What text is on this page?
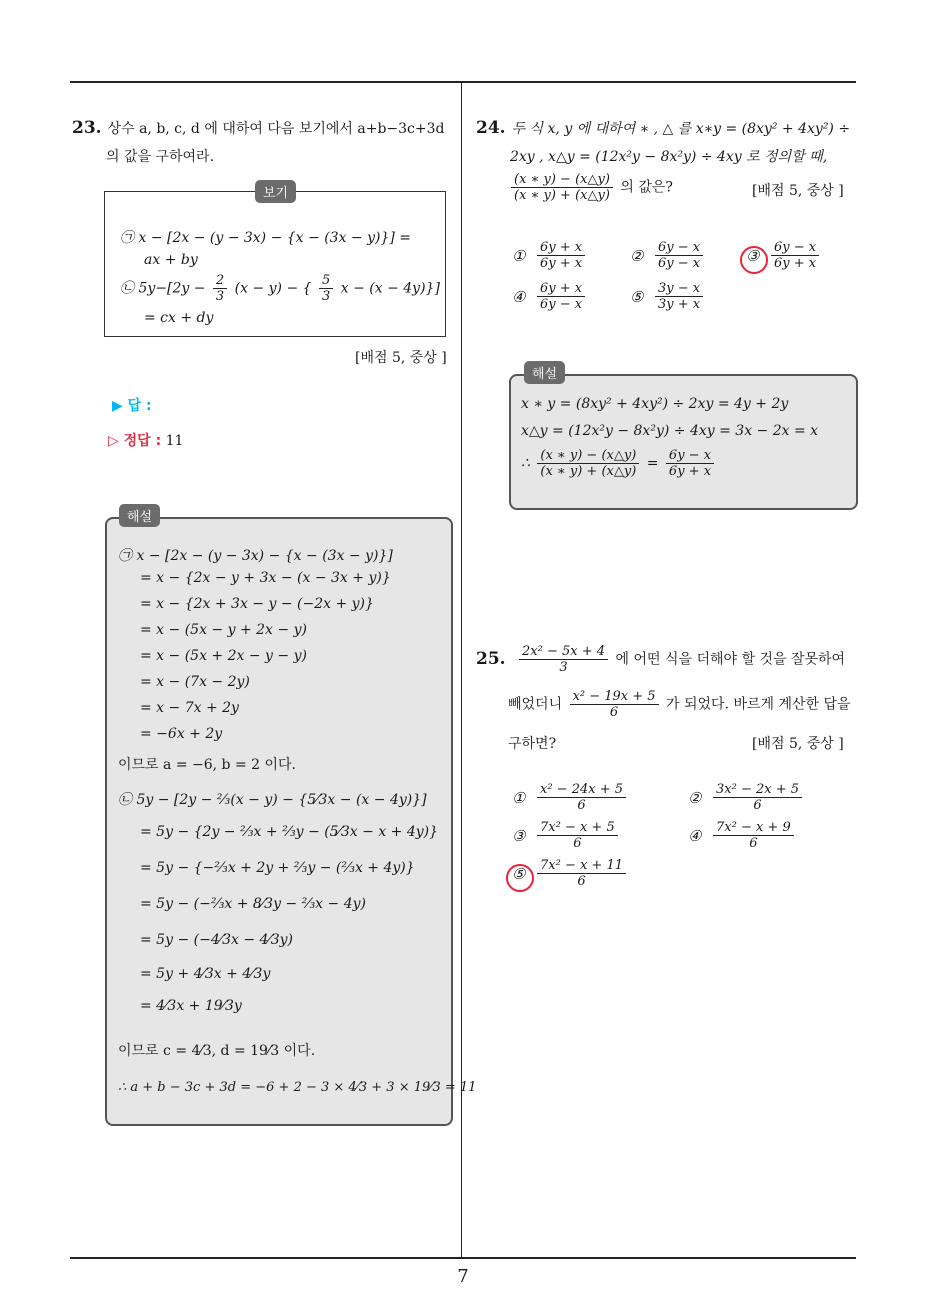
7
23. 상수 a, b, c, d 에 대하여 다음 보기에서 a+b−3c+3d
의 값을 구하여라.
보기
㉠ x − [2x − (y − 3x) − {x − (3x − y)}] =
ax + by
㉡ $5y-[2y - \frac{2}{3} (x - y)$ − { $\frac{5}{3}$ x − (x − 4y)}]
= cx + dy
[배점 5, 중상 ]
▶ 답 :
▷ 정답 : 11
해설
㉠ x − [2x − (y − 3x) − {x − (3x − y)}]
= x − {2x − y + 3x − (x − 3x + y)}
= x − {2x + 3x − y − (−2x + y)}
= x − (5x − y + 2x − y)
= x − (5x + 2x − y − y)
= x − (7x − 2y)
= x − 7x + 2y
= −6x + 2y
이므로 a = −6, b = 2 이다.
㉡ 5y − [2y − ⅔(x − y) − {5⁄3x − (x − 4y)}]
= 5y − {2y − ⅔x + ⅔y − (5⁄3x − x + 4y)}
= 5y − {−⅔x + 2y + ⅔y − (⅔x + 4y)}
= 5y − (−⅔x + 8⁄3y − ⅔x − 4y)
= 5y − (−4⁄3x − 4⁄3y)
= 5y + 4⁄3x + 4⁄3y
= 4⁄3x + 19⁄3y
이므로 c = 4⁄3, d = 19⁄3 이다.
∴ a + b − 3c + 3d = −6 + 2 − 3 × 4⁄3 + 3 × 19⁄3 = 11
24. 두 식 x, y 에 대하여 ∗ , △ 를 x∗y = (8xy² + 4xy²) ÷
2xy , x△y = (12x²y − 8x²y) ÷ 4xy 로 정의할 때,
$\frac{(x ∗ y) - (x\triangle y)}{(x ∗ y) + (x\triangle y)}$ 의 값은?	[배점 5, 중상 ]
① $\frac{6y + x}{6y + x}$	② $\frac{6y - x}{6y - x}$	③ $\frac{6y - x}{6y + x}$
④ $\frac{6y + x}{6y - x}$	⑤ $\frac{3y - x}{3y + x}$
해설
x ∗ y = (8xy² + 4xy²) ÷ 2xy = 4y + 2y
x△y = (12x²y − 8x²y) ÷ 4xy = 3x − 2x = x
∴ $\frac{(x ∗ y) - (x\triangle y)}{(x ∗ y) + (x\triangle y)} = \frac{6y - x}{6y + x}$
25. $\frac{\text{2x² − 5x + 4}}{3}$ 에 어떤 식을 더해야 할 것을 잘못하여
빼었더니 $\frac{\text{x² − 19x + 5}}{6}$ 가 되었다. 바르게 계산한 답을
구하면?	[배점 5, 중상 ]
① $\frac{\text{x² − 24x + 5}}{6}$	② $\frac{\text{3x² − 2x + 5}}{6}$
③ $\frac{\text{7x² − x + 5}}{6}$	④ $\frac{\text{7x² − x + 9}}{6}$
⑤ $\frac{\text{7x² − x + 11}}{6}$
